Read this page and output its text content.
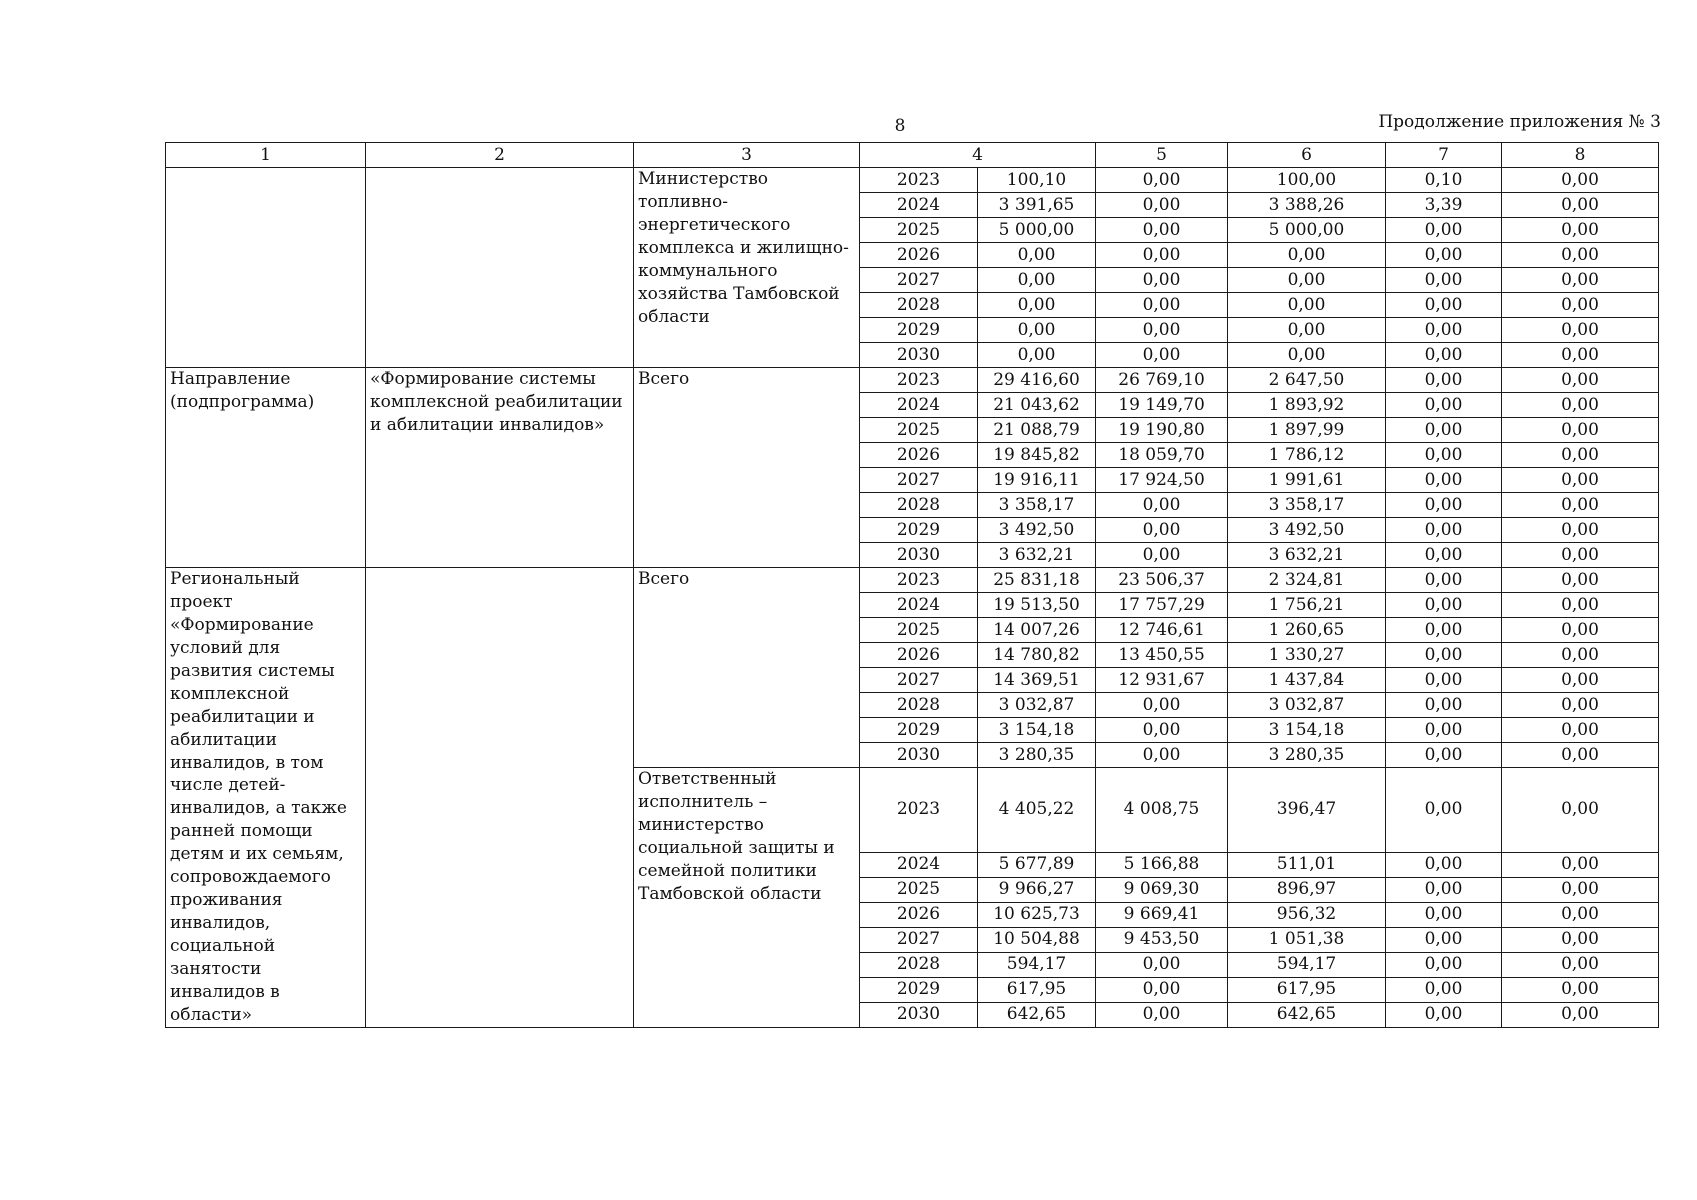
8	Продолжение приложения № 3
1	2	3	4		5	6	7	8
		Министерство топливно-энергетического комплекса и жилищно-коммунального хозяйства Тамбовской области	2023	100,10	0,00	100,00	0,10	0,00
			2024	3 391,65	0,00	3 388,26	3,39	0,00
			2025	5 000,00	0,00	5 000,00	0,00	0,00
			2026	0,00	0,00	0,00	0,00	0,00
			2027	0,00	0,00	0,00	0,00	0,00
			2028	0,00	0,00	0,00	0,00	0,00
			2029	0,00	0,00	0,00	0,00	0,00
			2030	0,00	0,00	0,00	0,00	0,00
Направление (подпрограмма)	«Формирование системы комплексной реабилитации и абилитации инвалидов»	Всего	2023	29 416,60	26 769,10	2 647,50	0,00	0,00
			2024	21 043,62	19 149,70	1 893,92	0,00	0,00
			2025	21 088,79	19 190,80	1 897,99	0,00	0,00
			2026	19 845,82	18 059,70	1 786,12	0,00	0,00
			2027	19 916,11	17 924,50	1 991,61	0,00	0,00
			2028	3 358,17	0,00	3 358,17	0,00	0,00
			2029	3 492,50	0,00	3 492,50	0,00	0,00
			2030	3 632,21	0,00	3 632,21	0,00	0,00
Региональный проект «Формирование условий для развития системы комплексной реабилитации и абилитации инвалидов, в том числе детей-инвалидов, а также ранней помощи детям и их семьям, сопровождаемого проживания инвалидов, социальной занятости инвалидов в области»		Всего	2023	25 831,18	23 506,37	2 324,81	0,00	0,00
			2024	19 513,50	17 757,29	1 756,21	0,00	0,00
			2025	14 007,26	12 746,61	1 260,65	0,00	0,00
			2026	14 780,82	13 450,55	1 330,27	0,00	0,00
			2027	14 369,51	12 931,67	1 437,84	0,00	0,00
			2028	3 032,87	0,00	3 032,87	0,00	0,00
			2029	3 154,18	0,00	3 154,18	0,00	0,00
			2030	3 280,35	0,00	3 280,35	0,00	0,00
		Ответственный исполнитель – министерство социальной защиты и семейной политики Тамбовской области	2023	4 405,22	4 008,75	396,47	0,00	0,00
			2024	5 677,89	5 166,88	511,01	0,00	0,00
			2025	9 966,27	9 069,30	896,97	0,00	0,00
			2026	10 625,73	9 669,41	956,32	0,00	0,00
			2027	10 504,88	9 453,50	1 051,38	0,00	0,00
			2028	594,17	0,00	594,17	0,00	0,00
			2029	617,95	0,00	617,95	0,00	0,00
			2030	642,65	0,00	642,65	0,00	0,00
